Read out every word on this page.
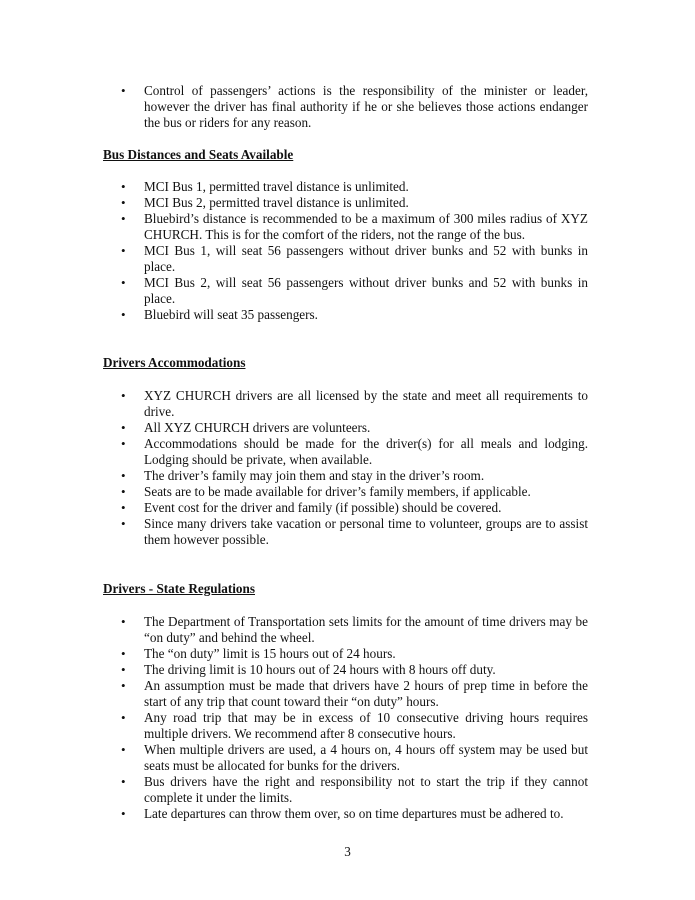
• Control of passengers’ actions is the responsibility of the minister or leader, however the driver has final authority if he or she believes those actions endanger the bus or riders for any reason.
Bus Distances and Seats Available
• MCI Bus 1, permitted travel distance is unlimited.
• MCI Bus 2, permitted travel distance is unlimited.
• Bluebird’s distance is recommended to be a maximum of 300 miles radius of XYZ CHURCH. This is for the comfort of the riders, not the range of the bus.
• MCI Bus 1, will seat 56 passengers without driver bunks and 52 with bunks in place.
• MCI Bus 2, will seat 56 passengers without driver bunks and 52 with bunks in place.
• Bluebird will seat 35 passengers.
Drivers Accommodations
• XYZ CHURCH drivers are all licensed by the state and meet all requirements to drive.
• All XYZ CHURCH drivers are volunteers.
• Accommodations should be made for the driver(s) for all meals and lodging. Lodging should be private, when available.
• The driver’s family may join them and stay in the driver’s room.
• Seats are to be made available for driver’s family members, if applicable.
• Event cost for the driver and family (if possible) should be covered.
• Since many drivers take vacation or personal time to volunteer, groups are to assist them however possible.
Drivers - State Regulations
• The Department of Transportation sets limits for the amount of time drivers may be “on duty” and behind the wheel.
• The “on duty” limit is 15 hours out of 24 hours.
• The driving limit is 10 hours out of 24 hours with 8 hours off duty.
• An assumption must be made that drivers have 2 hours of prep time in before the start of any trip that count toward their “on duty” hours.
• Any road trip that may be in excess of 10 consecutive driving hours requires multiple drivers. We recommend after 8 consecutive hours.
• When multiple drivers are used, a 4 hours on, 4 hours off system may be used but seats must be allocated for bunks for the drivers.
• Bus drivers have the right and responsibility not to start the trip if they cannot complete it under the limits.
• Late departures can throw them over, so on time departures must be adhered to.
3
